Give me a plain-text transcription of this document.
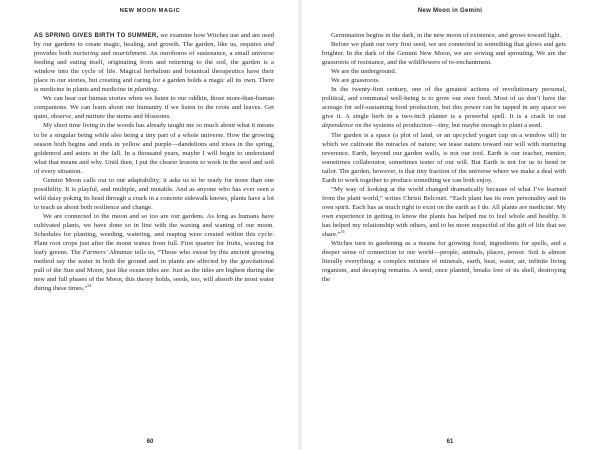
NEW MOON MAGIC

AS SPRING GIVES BIRTH TO SUMMER, we examine how Witches use and are used by our gardens to create magic, healing, and growth. The garden, like us, requires and provides both nurturing and nourishment. An ouroboros of sustenance, a small universe feeding and eating itself, originating from and returning to the soil, the garden is a window into the cycle of life. Magical herbalism and botanical therapeutics have their place in our stories, but creating and caring for a garden holds a magic all its own. There is medicine in plants and medicine in planting.

We can hear our human stories when we listen to our oddkin, those more-than-human companions. We can learn about our humanity if we listen to the roots and leaves. Get quiet, observe, and nurture the stems and blossoms.

My short time living in the woods has already taught me so much about what it means to be a singular being while also being a tiny part of a whole universe. How the growing season both begins and ends in yellow and purple—dandelions and irises in the spring, goldenrod and asters in the fall. In a thousand years, maybe I will begin to understand what that means and why. Until then, I put the clearer lessons to work in the seed and soil of every situation.

Gemini Moon calls out to our adaptability; it asks us to be ready for more than one possibility. It is playful, and multiple, and mutable. And as anyone who has ever seen a wild daisy poking its head through a crack in a concrete sidewalk knows, plants have a lot to teach us about both resilience and change.

We are connected to the moon and so too are our gardens. As long as humans have cultivated plants, we have done so in line with the waxing and waning of our moon. Schedules for planting, weeding, watering, and reaping were created within this cycle: Plant root crops just after the moon wanes from full. First quarter for fruits, waxing for leafy greens. The Farmers’ Almanac tells us, “Those who swear by this ancient growing method say the water in both the ground and in plants are affected by the gravitational pull of the Sun and Moon, just like ocean tides are. Just as the tides are highest during the new and full phases of the Moon, this theory holds, seeds, too, will absorb the most water during these times.”$^{54}$

60
New Moon in Gemini

Germination begins in the dark, in the new moon of existence, and grows toward light.

Before we plant our very first seed, we are connected to something that glows and gets brighter. In the dark of the Gemini New Moon, we are sowing and sprouting. We are the grassroots of resistance, and the wildflowers of re-enchantment.

We are the underground.

We are grassroots.

In the twenty-first century, one of the greatest actions of revolutionary personal, political, and communal well-being is to grow our own food. Most of us don’t have the acreage for self-sustaining food production, but this power can be tapped in any space we give it. A single herb in a two-inch planter is a powerful spell. It is a crack in our dependence on the systems of production—tiny, but maybe enough to plant a seed.

The garden is a space (a plot of land, or an upcycled yogurt cup on a window sill) in which we cultivate the miracles of nature; we tease nature toward our will with nurturing reverence. Earth, beyond our garden walls, is not our tool. Earth is our teacher, mentor, sometimes collaborator, sometimes tester of our will. But Earth is not for us to bend or tailor. The garden, however, is that tiny fraction of the universe where we make a deal with Earth to work together to produce something we can both enjoy.

“My way of looking at the world changed dramatically because of what I’ve learned from the plant world,” writes Christi Belcourt. “Each plant has its own personality and its own spirit. Each has as much right to exist on the earth as I do. All plants are medicine. My own experience in getting to know the plants has helped me to feel whole and healthy. It has helped my relationship with others, and to be more respectful of the gift of life that we share.”$^{55}$

Witches turn to gardening as a means for growing food, ingredients for spells, and a deeper sense of connection to our world—people, animals, places, power. Soil is almost literally everything: a complex mixture of minerals, earth, heat, water, air, infinite living organism, and decaying remains. A seed, once planted, breaks free of its shell, destroying the

61
